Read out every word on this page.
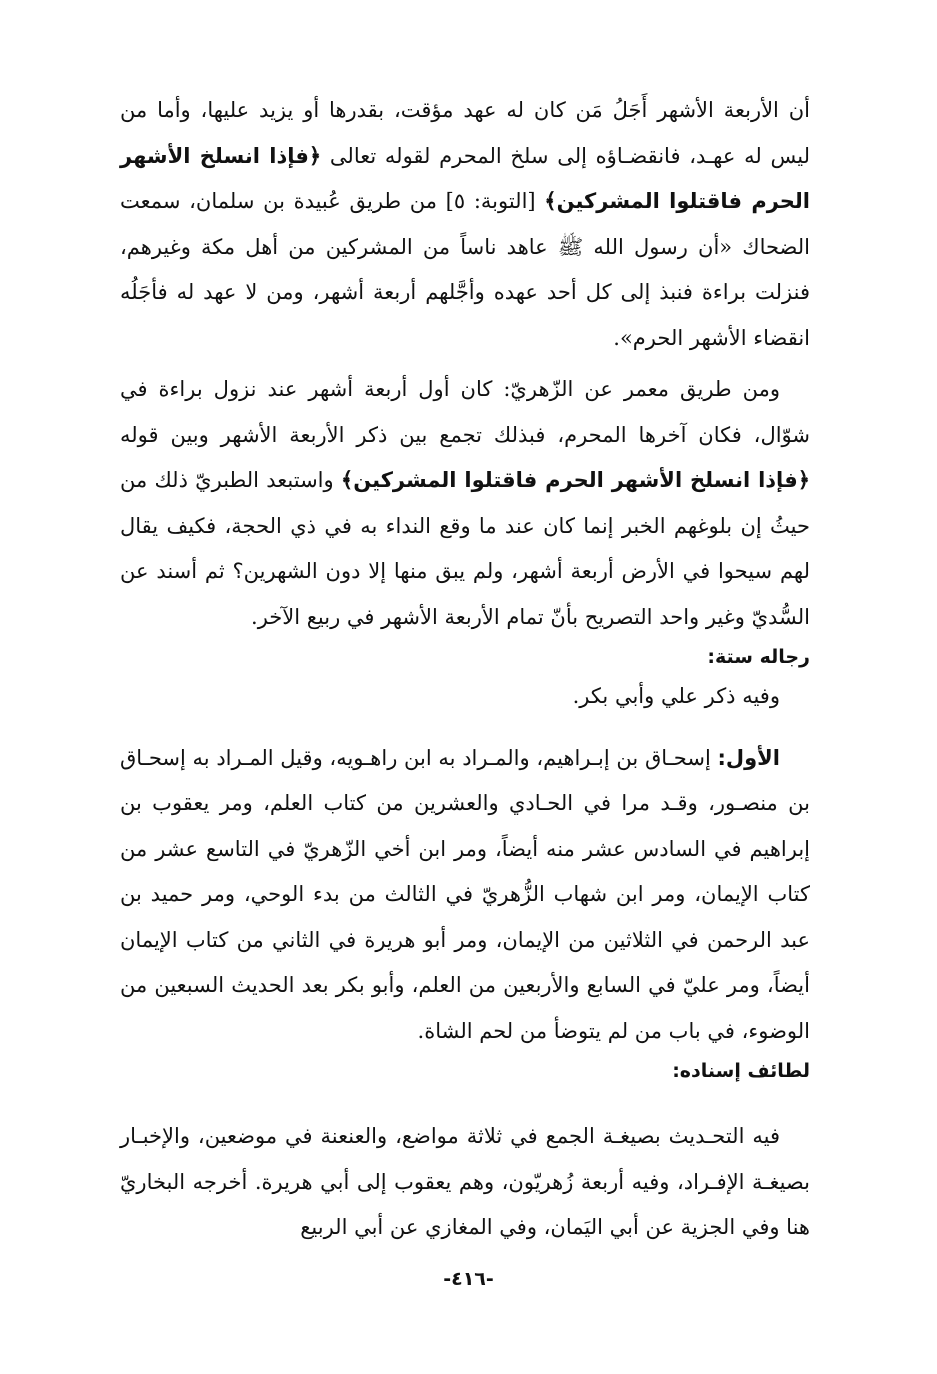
أن الأربعة الأشهر أَجَلُ مَن كان له عهد مؤقت، بقدرها أو يزيد عليها، وأما من ليس له عهـد، فانقضـاؤه إلى سلخ المحرم لقوله تعالى ﴿فإذا انسلخ الأشهر الحرم فاقتلوا المشركين﴾ [التوبة: ٥] من طريق عُبيدة بن سلمان، سمعت الضحاك «أن رسول الله ﷺ عاهد ناساً من المشركين من أهل مكة وغيرهم، فنزلت براءة فنبذ إلى كل أحد عهده وأجَّلهم أربعة أشهر، ومن لا عهد له فأجَلُه انقضاء الأشهر الحرم».

ومن طريق معمر عن الزّهريّ: كان أول أربعة أشهر عند نزول براءة في شوّال، فكان آخرها المحرم، فبذلك تجمع بين ذكر الأربعة الأشهر وبين قوله ﴿فإذا انسلخ الأشهر الحرم فاقتلوا المشركين﴾ واستبعد الطبريّ ذلك من حيثُ إن بلوغهم الخبر إنما كان عند ما وقع النداء به في ذي الحجة، فكيف يقال لهم سيحوا في الأرض أربعة أشهر، ولم يبق منها إلا دون الشهرين؟ ثم أسند عن السُّديّ وغير واحد التصريح بأنّ تمام الأربعة الأشهر في ربيع الآخر.

رجاله ستة:

وفيه ذكر علي وأبي بكر.

الأول: إسحـاق بن إبـراهيم، والمـراد به ابن راهـويه، وقيل المـراد به إسحـاق بن منصـور، وقـد مرا في الحـادي والعشرين من كتاب العلم، ومر يعقوب بن إبراهيم في السادس عشر منه أيضاً، ومر ابن أخي الزّهريّ في التاسع عشر من كتاب الإيمان، ومر ابن شهاب الزُّهريّ في الثالث من بدء الوحي، ومر حميد بن عبد الرحمن في الثلاثين من الإيمان، ومر أبو هريرة في الثاني من كتاب الإيمان أيضاً، ومر عليّ في السابع والأربعين من العلم، وأبو بكر بعد الحديث السبعين من الوضوء، في باب من لم يتوضأ من لحم الشاة.

لطائف إسناده:

فيه التحـديث بصيغـة الجمع في ثلاثة مواضع، والعنعنة في موضعين، والإخبـار بصيغـة الإفـراد، وفيه أربعة زُهريّون، وهم يعقوب إلى أبي هريرة. أخرجه البخاريّ هنا وفي الجزية عن أبي اليَمان، وفي المغازي عن أبي الربيع

-٤١٦-
